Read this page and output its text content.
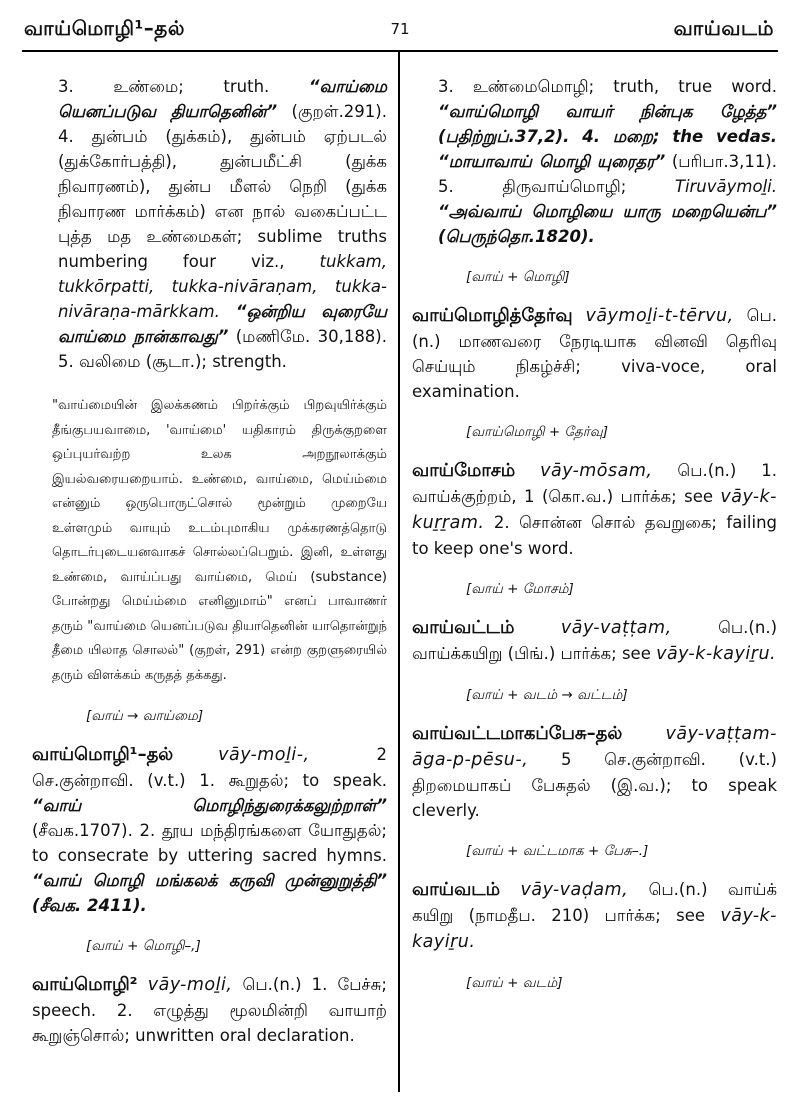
வாய்மொழி¹–தல்	71	வாய்வடம்

3. உண்மை; truth. “வாய்மை யெனப்படுவ தியாதெனின்” (குறள்.291). 4. துன்பம் (துக்கம்), துன்பம் ஏற்படல் (துக்கோர்பத்தி), துன்பமீட்சி (துக்க நிவாரணம்), துன்ப மீளல் நெறி (துக்க நிவாரண மார்க்கம்) என நால் வகைப்பட்ட புத்த மத உண்மைகள்; sublime truths numbering four viz., tukkam, tukkōrpatti, tukka-nivāraṇam, tukka-nivāraṇa-mārkkam. “ஒன்றிய வுரையே வாய்மை நான்காவது” (மணிமே. 30,188). 5. வலிமை (சூடா.); strength.

"வாய்மையின் இலக்கணம் பிறர்க்கும் பிறவுயிர்க்கும் தீங்குபயவாமை, 'வாய்மை' யதிகாரம் திருக்குறளை ஒப்புயர்வற்ற உலக அறநூலாக்கும் இயல்வரையறையாம். உண்மை, வாய்மை, மெய்ம்மை என்னும் ஒருபொருட்சொல் மூன்றும் முறையே உள்ளமும் வாயும் உடம்புமாகிய முக்கரணத்தொடு தொடர்புடையனவாகச் சொல்லப்பெறும். இனி, உள்ளது உண்மை, வாய்ப்பது வாய்மை, மெய் (substance) போன்றது மெய்ம்மை எனினுமாம்" எனப் பாவாணர் தரும் "வாய்மை யெனப்படுவ தியாதெனின் யாதொன்றுந் தீமை யிலாத சொலல்" (குறள், 291) என்ற குறளுரையில் தரும் விளக்கம் கருதத் தக்கது.

[வாய் → வாய்மை]

வாய்மொழி¹–தல்	vāy-moḻi-, 2 செ.குன்றாவி. (v.t.) 1. கூறுதல்; to speak. “வாய் மொழிந்துரைக்கலுற்றாள்” (சீவக.1707). 2. தூய மந்திரங்களை யோதுதல்; to consecrate by uttering sacred hymns. “வாய் மொழி மங்கலக் கருவி முன்னுறுத்தி” (சீவக. 2411).

[வாய் + மொழி–,]

வாய்மொழி² vāy-moḻi, பெ.(n.) 1. பேச்சு; speech. 2. எழுத்து மூலமின்றி வாயாற் கூறுஞ்சொல்; unwritten oral declaration.

3. உண்மைமொழி; truth, true word. “வாய்மொழி வாயர் நின்புக ழேத்த” (பதிற்றுப்.37,2). 4. மறை; the vedas. “மாயாவாய் மொழி யுரைதர” (பரிபா.3,11). 5. திருவாய்மொழி; Tiruvāymoḻi. “அவ்வாய் மொழியை யாரு மறையென்ப” (பெருந்தொ.1820).

[வாய் + மொழி]

வாய்மொழித்தேர்வு vāymoḻi-t-tērvu, பெ.(n.) மாணவரை நேரடியாக வினவி தெரிவு செய்யும் நிகழ்ச்சி; viva-voce, oral examination.

[வாய்மொழி + தேர்வு]

வாய்மோசம் vāy-mōsam, பெ.(n.) 1. வாய்க்குற்றம், 1 (கொ.வ.) பார்க்க; see vāy-k-kuṟṟam. 2. சொன்ன சொல் தவறுகை; failing to keep one's word.

[வாய் + மோசம்]

வாய்வட்டம்	vāy-vaṭṭam, பெ.(n.) வாய்க்கயிறு (பிங்.) பார்க்க; see vāy-k-kayiṟu.

[வாய் + வடம் → வட்டம்]

வாய்வட்டமாகப்பேசு–தல் vāy-vaṭṭam-āga-p-pēsu-, 5 செ.குன்றாவி. (v.t.) திறமையாகப் பேசுதல் (இ.வ.); to speak cleverly.

[வாய் + வட்டமாக + பேசு–.]

வாய்வடம் vāy-vaḍam, பெ.(n.) வாய்க் கயிறு (நாமதீப. 210) பார்க்க; see vāy-k-kayiṟu.

[வாய் + வடம்]
